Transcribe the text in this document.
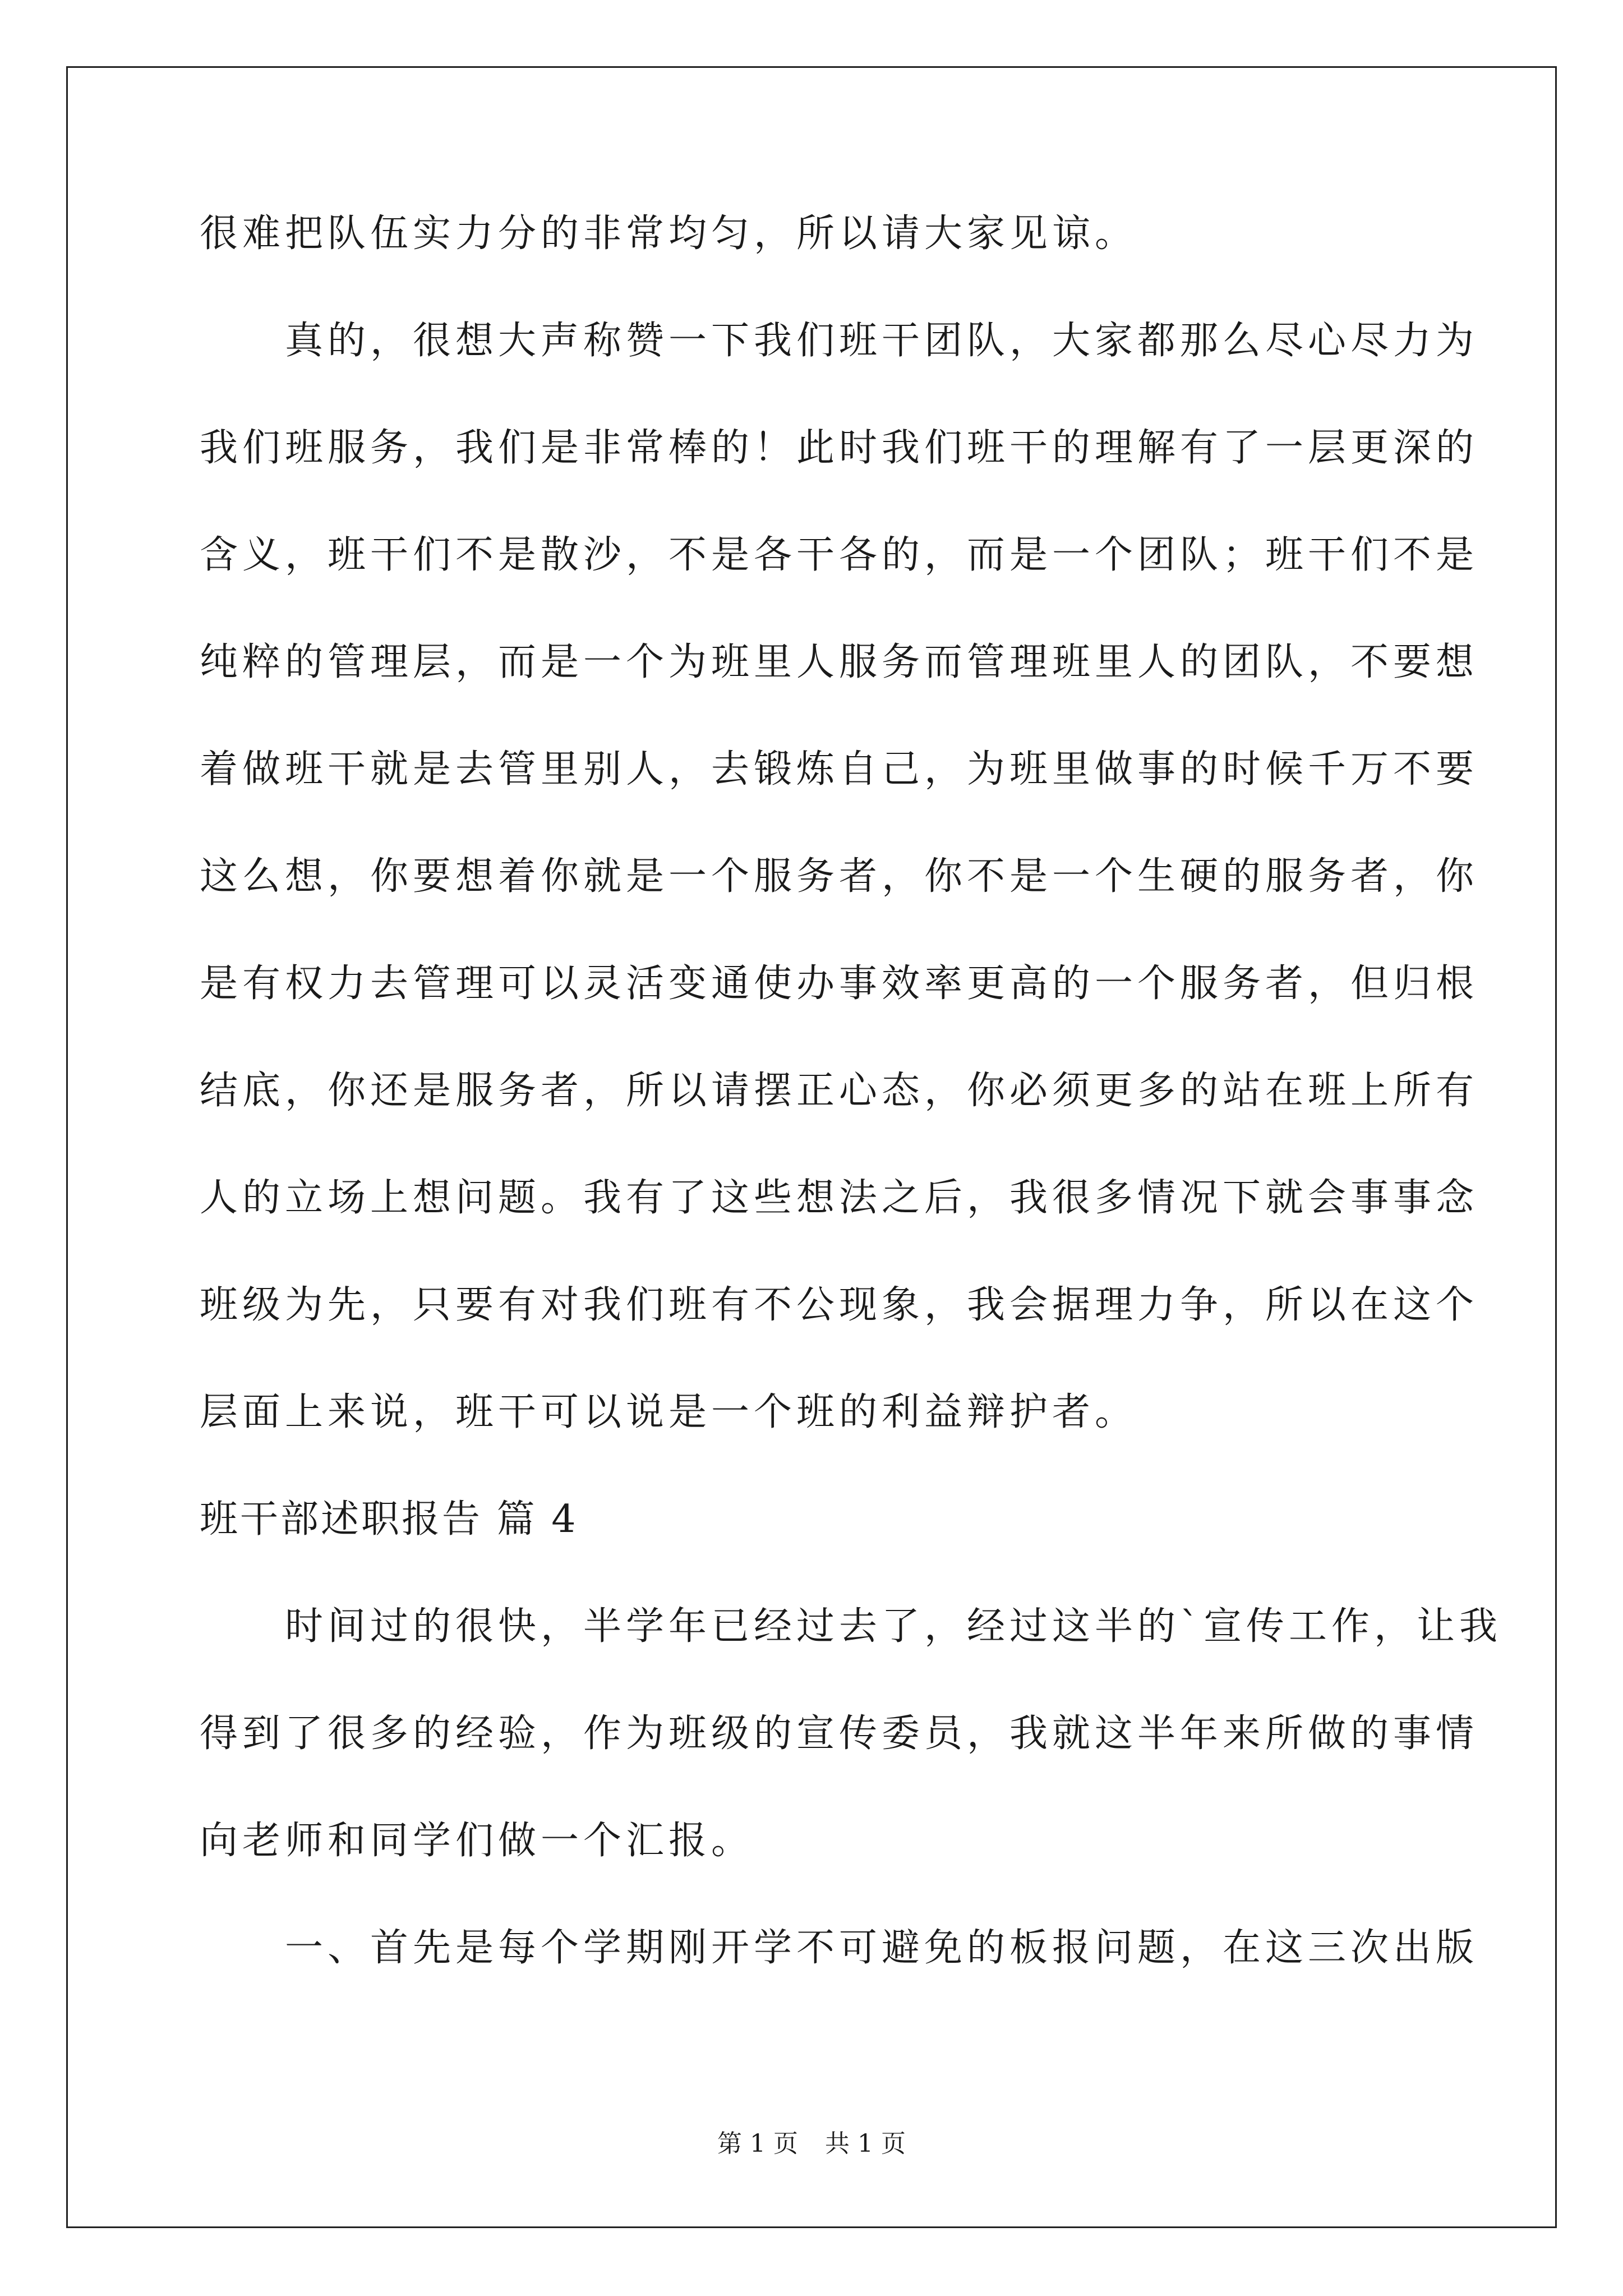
很难把队伍实力分的非常均匀，所以请大家见谅。
真的，很想大声称赞一下我们班干团队，大家都那么尽心尽力为
我们班服务，我们是非常棒的！此时我们班干的理解有了一层更深的
含义，班干们不是散沙，不是各干各的，而是一个团队；班干们不是
纯粹的管理层，而是一个为班里人服务而管理班里人的团队，不要想
着做班干就是去管里别人，去锻炼自己，为班里做事的时候千万不要
这么想，你要想着你就是一个服务者，你不是一个生硬的服务者，你
是有权力去管理可以灵活变通使办事效率更高的一个服务者，但归根
结底，你还是服务者，所以请摆正心态，你必须更多的站在班上所有
人的立场上想问题。我有了这些想法之后，我很多情况下就会事事念
班级为先，只要有对我们班有不公现象，我会据理力争，所以在这个
层面上来说，班干可以说是一个班的利益辩护者。
班干部述职报告 篇 4
时间过的很快，半学年已经过去了，经过这半的`宣传工作，让我
得到了很多的经验，作为班级的宣传委员，我就这半年来所做的事情
向老师和同学们做一个汇报。
一、首先是每个学期刚开学不可避免的板报问题，在这三次出版
第 1 页 共 1 页
